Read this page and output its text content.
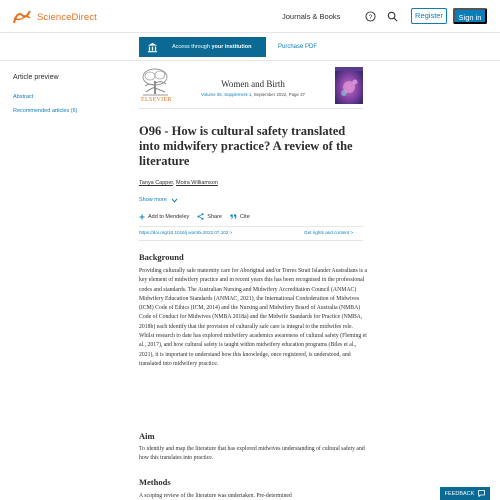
ScienceDirect	Journals & Books	?	Register	Sign in
Access through your institution	Purchase PDF
Article preview
Abstract
Recommended articles (6)
ELSEVIER
Women and Birth
Volume 35, Supplement 1, September 2022, Page 37
O96 - How is cultural safety translated into midwifery practice? A review of the literature
Tanya Capper, Moira Williamson
Show more
Add to Mendeley	Share	Cite
https://doi.org/10.1016/j.wombi.2022.07.102 >	Get rights and content >
Background

Providing culturally safe maternity care for Aboriginal and/or Torres Strait Islander Australians is a key element of midwifery practice and in recent years this has been recognised in the professional codes and standards. The Australian Nursing and Midwifery Accreditation Council (ANMAC) Midwifery Education Standards (ANMAC, 2021), the International Confederation of Midwives (ICM) Code of Ethics (ICM, 2014) and the Nursing and Midwifery Board of Australia (NMBA) Code of Conduct for Midwives (NMBA 2018a) and the Midwife Standards for Practice (NMBA, 2018b) each identify that the provision of culturally safe care is integral to the midwifes role. Whilst research to date has explored midwifery academics awareness of cultural safety (Fleming et al., 2017), and how cultural safety is taught within midwifery education programs (Biles et al., 2021), it is important to understand how this knowledge, once registered, is understood, and translated into midwifery practice.

Aim

To identify and map the literature that has explored midwives understanding of cultural safety and how this translates into practice.

Methods

A scoping review of the literature was undertaken. Pre-determined	FEEDBACK
